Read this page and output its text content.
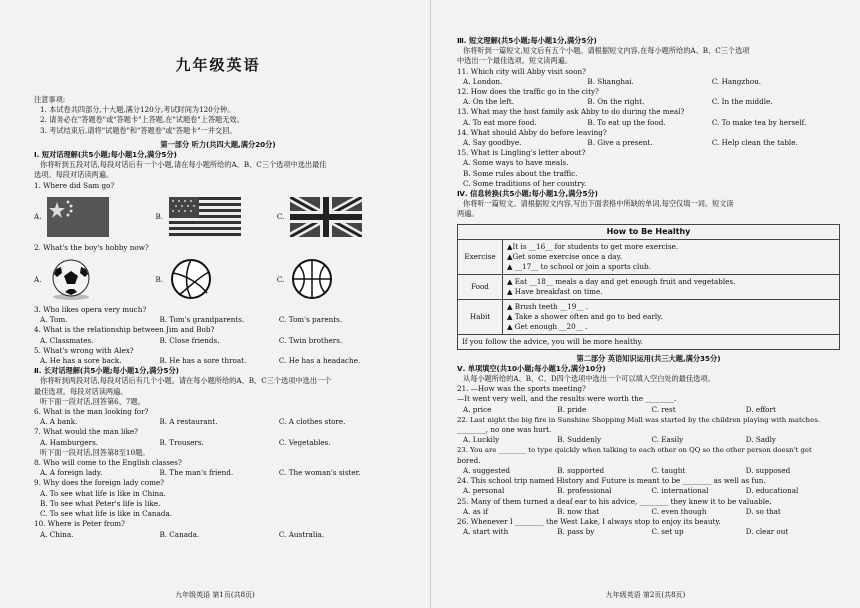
九年级英语
注意事项:
1. 本试卷共四部分,十大题,满分120分,考试时间为120分钟。
2. 请务必在"答题卷"或"答题卡"上答题,在"试题卷"上答题无效。
3. 考试结束后,请将"试题卷"和"答题卷"或"答题卡"一并交回。
第一部分 听力(共四大题,满分20分)
Ⅰ. 短对话理解(共5小题;每小题1分,满分5分)
你将听到五段对话,每段对话后有一个小题,请在每小题所给的A、B、C三个选项中选出最佳
选项。每段对话读两遍。
1. Where did Sam go?
A.	B.	C.
2. What's the boy's hobby now?
A.	B.	C.
3. Who likes opera very much?
A. Tom.	B. Tom's grandparents.	C. Tom's parents.
4. What is the relationship between Jim and Bob?
A. Classmates.	B. Close friends.	C. Twin brothers.
5. What's wrong with Alex?
A. He has a sore back.	B. He has a sore throat.	C. He has a headache.
Ⅱ. 长对话理解(共5小题;每小题1分,满分5分)
你将听到两段对话,每段对话后有几个小题。请在每小题所给的A、B、C三个选项中选出一个
最佳选项。每段对话读两遍。
听下面一段对话,回答第6、7题。
6. What is the man looking for?
A. A bank.	B. A restaurant.	C. A clothes store.
7. What would the man like?
A. Hamburgers.	B. Trousers.	C. Vegetables.
听下面一段对话,回答第8至10题。
8. Who will come to the English classes?
A. A foreign lady.	B. The man's friend.	C. The woman's sister.
9. Why does the foreign lady come?
A. To see what life is like in China.
B. To see what Peter's life is like.
C. To see what life is like in Canada.
10. Where is Peter from?
A. China.	B. Canada.	C. Australia.
九年级英语 第1页(共8页)
Ⅲ. 短文理解(共5小题;每小题1分,满分5分)
你将听到一篇短文,短文后有五个小题。请根据短文内容,在每小题所给的A、B、C三个选项
中选出一个最佳选项。短文读两遍。
11. Which city will Abby visit soon?
A. London.	B. Shanghai.	C. Hangzhou.
12. How does the traffic go in the city?
A. On the left.	B. On the right.	C. In the middle.
13. What may the host family ask Abby to do during the meal?
A. To eat more food.	B. To eat up the food.	C. To make tea by herself.
14. What should Abby do before leaving?
A. Say goodbye.	B. Give a present.	C. Help clean the table.
15. What is Lingling's letter about?
A. Some ways to have meals.
B. Some rules about the traffic.
C. Some traditions of her country.
Ⅳ. 信息转换(共5小题;每小题1分,满分5分)
你将听一篇短文。请根据短文内容,写出下面表格中所缺的单词,每空仅填一词。短文读
两遍。
How to Be Healthy	
Exercise	▲It is __16__ for students to get more exercise.
▲Get some exercise once a day.
▲ __17__ to school or join a sports club.

Food	▲ Eat __18__ meals a day and get enough fruit and vegetables.
▲ Have breakfast on time.

Habit	▲ Brush teeth __19__ .
▲ Take a shower often and go to bed early.
▲ Get enough __20__ .

If you follow the advice, you will be more healthy.	
第二部分 英语知识运用(共三大题,满分35分)
Ⅴ. 单项填空(共10小题;每小题1分,满分10分)
从每小题所给的A、B、C、D四个选项中选出一个可以填入空白处的最佳选项。
21. —How was the sports meeting?
—It went very well, and the results were worth the ________.
A. price	B. pride	C. rest	D. effort
22. Last night the big fire in Sunshine Shopping Mall was started by the children playing with matches.
________, no one was hurt.
A. Luckily	B. Suddenly	C. Easily	D. Sadly
23. You are ________ to type quickly when talking to each other on QQ so the other person doesn't get
bored.
A. suggested	B. supported	C. taught	D. supposed
24. This school trip named History and Future is meant to be ________ as well as fun.
A. personal	B. professional	C. international	D. educational
25. Many of them turned a deaf ear to his advice, ________ they knew it to be valuable.
A. as if	B. now that	C. even though	D. so that
26. Whenever I ________ the West Lake, I always stop to enjoy its beauty.
A. start with	B. pass by	C. set up	D. clear out
九年级英语 第2页(共8页)
